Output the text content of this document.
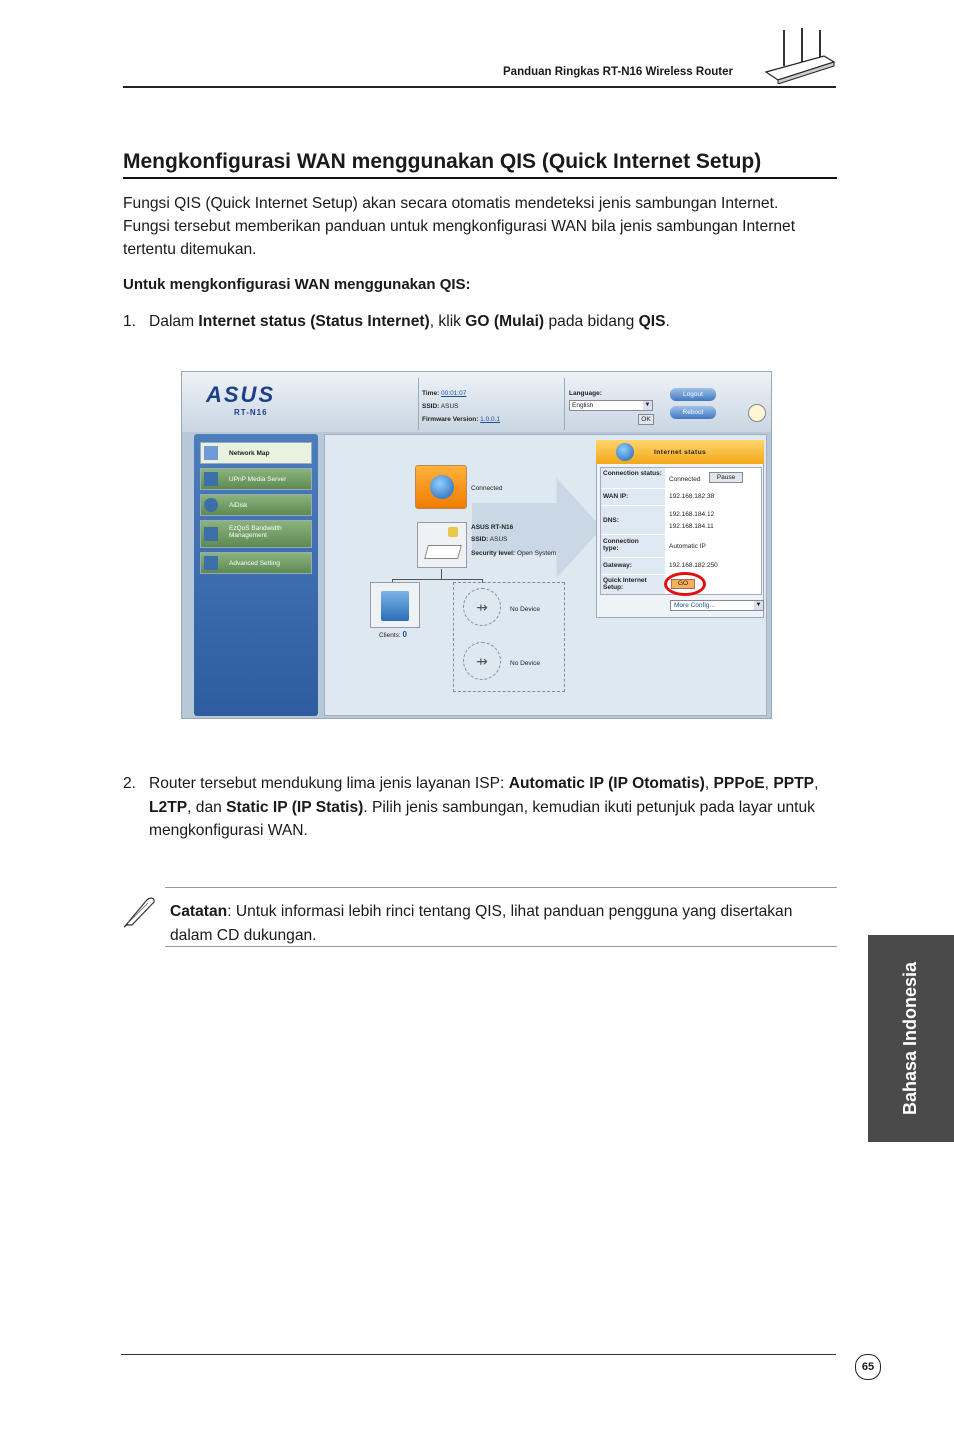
Panduan Ringkas RT-N16 Wireless Router
Mengkonfigurasi WAN menggunakan QIS (Quick Internet Setup)
Fungsi QIS (Quick Internet Setup) akan secara otomatis mendeteksi jenis sambungan Internet. Fungsi tersebut memberikan panduan untuk mengkonfigurasi WAN bila jenis sambungan Internet tertentu ditemukan.
Untuk mengkonfigurasi WAN menggunakan QIS:
1. Dalam Internet status (Status Internet), klik GO (Mulai) pada bidang QIS.
ASUS
RT-N16
Time: 00:01:07
SSID: ASUS
Firmware Version: 1.0.0.1
Language:
English	▼
OK
Logout
Reboot
Network Map
UPnP Media Server
AiDisk
EzQoS Bandwidth Management
Advanced Setting
Connected
ASUS RT-N16
SSID: ASUS
Security level: Open System
Clients: 0
⇸	No Device
⇸	No Device
Internet status
Connection status:
Connected	Pause
WAN IP:	192.168.182.38
DNS:
192.168.184.12
192.168.184.11
Connection type:	Automatic IP
Gateway:	192.168.182.250
Quick Internet Setup:
GO
More Config...	▼
2. Router tersebut mendukung lima jenis layanan ISP: Automatic IP (IP Otomatis), PPPoE, PPTP, L2TP, dan Static IP (IP Statis). Pilih jenis sambungan, kemudian ikuti petunjuk pada layar untuk mengkonfigurasi WAN.
Catatan: Untuk informasi lebih rinci tentang QIS, lihat panduan pengguna yang disertakan dalam CD dukungan.
Bahasa Indonesia
65
